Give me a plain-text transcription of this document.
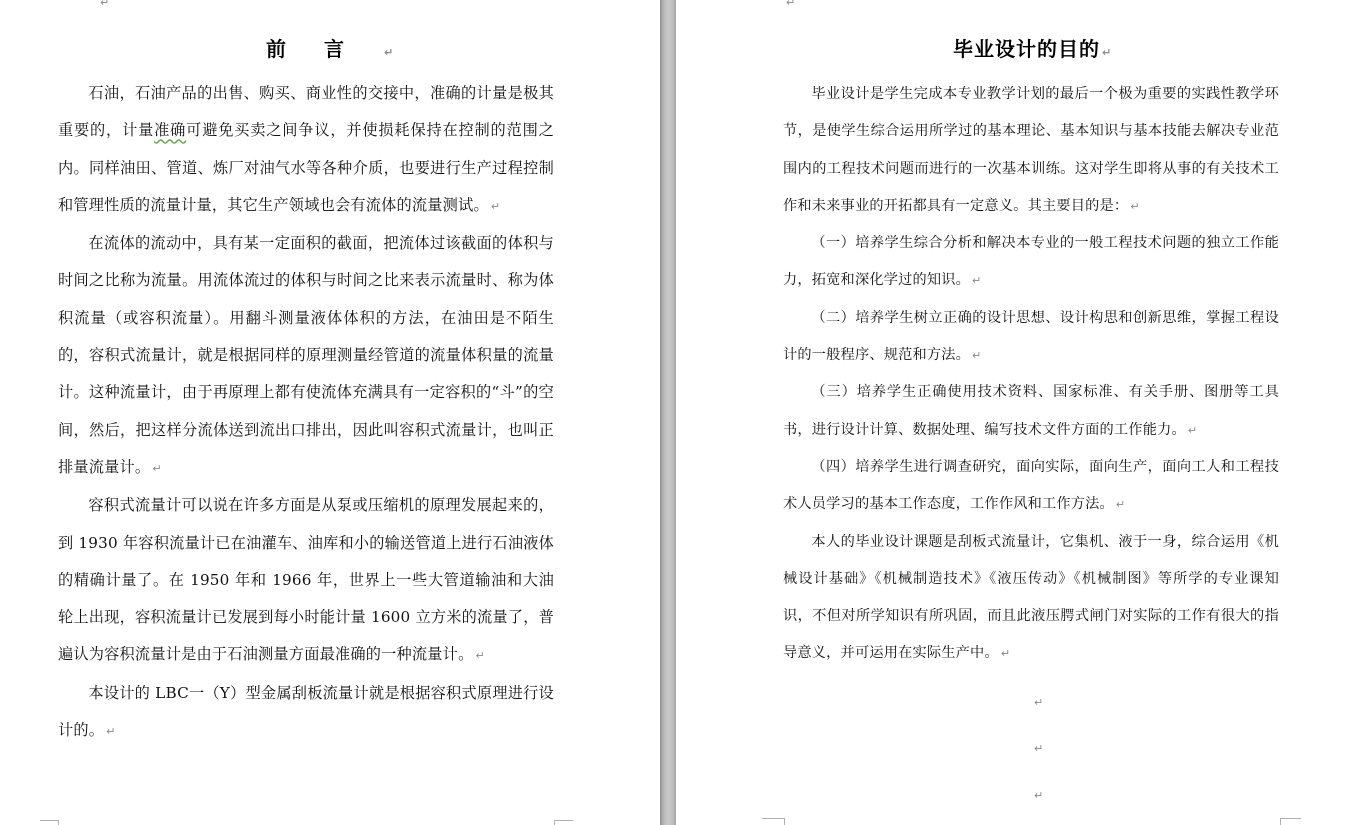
↵
前言 ↵

石油，石油产品的出售、购买、商业性的交接中，准确的计量是极其重要的，计量准确可避免买卖之间争议，并使损耗保持在控制的范围之内。同样油田、管道、炼厂对油气水等各种介质，也要进行生产过程控制和管理性质的流量计量，其它生产领域也会有流体的流量测试。 ↵

在流体的流动中，具有某一定面积的截面，把流体过该截面的体积与时间之比称为流量。用流体流过的体积与时间之比来表示流量时、称为体积流量（或容积流量）。用翻斗测量液体体积的方法，在油田是不陌生的，容积式流量计，就是根据同样的原理测量经管道的流量体积量的流量计。这种流量计，由于再原理上都有使流体充满具有一定容积的“斗”的空间，然后，把这样分流体送到流出口排出，因此叫容积式流量计，也叫正排量流量计。 ↵

容积式流量计可以说在许多方面是从泵或压缩机的原理发展起来的，到 1930 年容积流量计已在油灌车、油库和小的输送管道上进行石油液体的精确计量了。在 1950 年和 1966 年，世界上一些大管道输油和大油轮上出现，容积流量计已发展到每小时能计量 1600 立方米的流量了，普遍认为容积流量计是由于石油测量方面最准确的一种流量计。 ↵

本设计的 LBC一（Y）型金属刮板流量计就是根据容积式原理进行设计的。 ↵

↵
毕业设计的目的 ↵

毕业设计是学生完成本专业教学计划的最后一个极为重要的实践性教学环节，是使学生综合运用所学过的基本理论、基本知识与基本技能去解决专业范围内的工程技术问题而进行的一次基本训练。这对学生即将从事的有关技术工作和未来事业的开拓都具有一定意义。其主要目的是： ↵

（一）培养学生综合分析和解决本专业的一般工程技术问题的独立工作能力，拓宽和深化学过的知识。 ↵

（二）培养学生树立正确的设计思想、设计构思和创新思维，掌握工程设计的一般程序、规范和方法。 ↵

（三）培养学生正确使用技术资料、国家标准、有关手册、图册等工具书，进行设计计算、数据处理、编写技术文件方面的工作能力。 ↵

（四）培养学生进行调查研究，面向实际，面向生产，面向工人和工程技术人员学习的基本工作态度，工作作风和工作方法。 ↵

本人的毕业设计课题是刮板式流量计，它集机、液于一身，综合运用《机械设计基础》《机械制造技术》《液压传动》《机械制图》等所学的专业课知识，不但对所学知识有所巩固，而且此液压腭式闸门对实际的工作有很大的指导意义，并可运用在实际生产中。 ↵

↵
↵
↵
